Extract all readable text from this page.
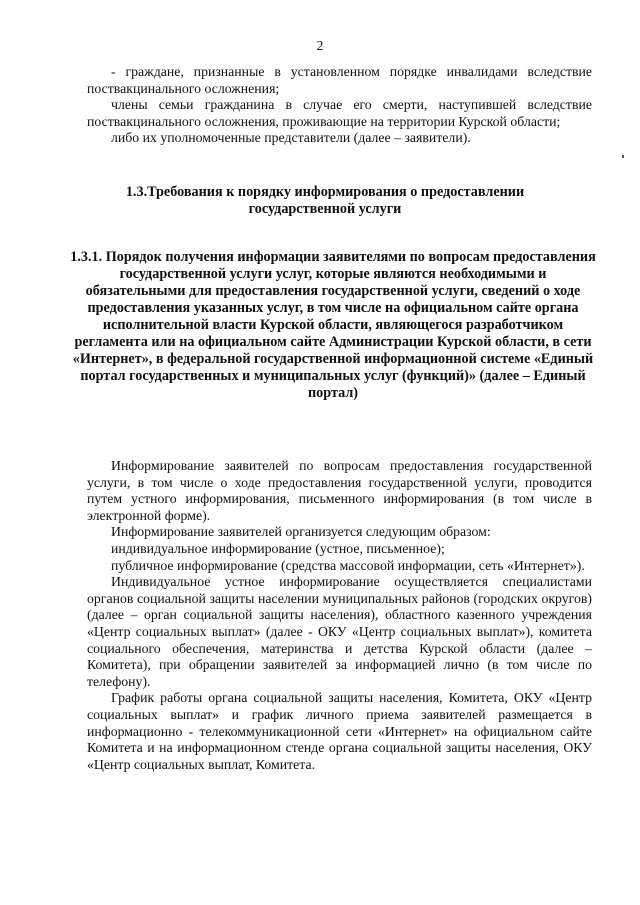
2

- граждане, признанные в установленном порядке инвалидами вследствие поствакцинального осложнения;

члены семьи гражданина в случае его смерти, наступившей вследствие поствакцинального осложнения, проживающие на территории Курской области;

либо их уполномоченные представители (далее – заявители).

1.3.Требования к порядку информирования о предоставлении государственной услуги
1.3.1. Порядок получения информации заявителями по вопросам предоставления государственной услуги услуг, которые являются необходимыми и обязательными для предоставления государственной услуги, сведений о ходе предоставления указанных услуг, в том числе на официальном сайте органа исполнительной власти Курской области, являющегося разработчиком регламента или на официальном сайте Администрации Курской области, в сети «Интернет», в федеральной государственной информационной системе «Единый портал государственных и муниципальных услуг (функций)» (далее – Единый портал)

Информирование заявителей по вопросам предоставления государственной услуги, в том числе о ходе предоставления государственной услуги, проводится путем устного информирования, письменного информирования (в том числе в электронной форме).

Информирование заявителей организуется следующим образом:

индивидуальное информирование (устное, письменное);

публичное информирование (средства массовой информации, сеть «Интернет»).

Индивидуальное устное информирование осуществляется специалистами органов социальной защиты населении муниципальных районов (городских округов) (далее – орган социальной защиты населения), областного казенного учреждения «Центр социальных выплат» (далее - ОКУ «Центр социальных выплат»), комитета социального обеспечения, материнства и детства Курской области (далее – Комитета), при обращении заявителей за информацией лично (в том числе по телефону).

График работы органа социальной защиты населения, Комитета, ОКУ «Центр социальных выплат» и график личного приема заявителей размещается в информационно - телекоммуникационной сети «Интернет» на официальном сайте Комитета и на информационном стенде органа социальной защиты населения, ОКУ «Центр социальных выплат, Комитета.
